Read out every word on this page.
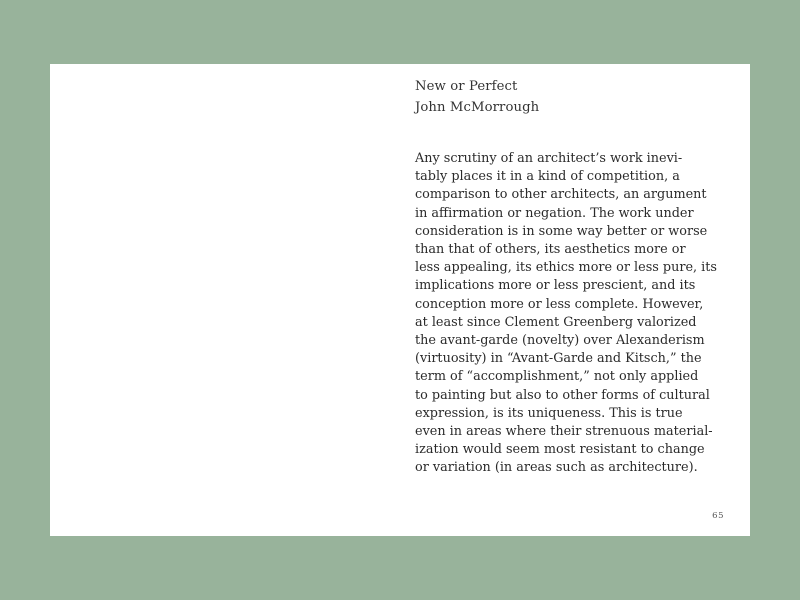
New or Perfect
John McMorrough
Any scrutiny of an architect’s work inevi-
tably places it in a kind of competition, a
comparison to other architects, an argument
in affirmation or negation. The work under
consideration is in some way better or worse
than that of others, its aesthetics more or
less appealing, its ethics more or less pure, its
implications more or less prescient, and its
conception more or less complete. However,
at least since Clement Greenberg valorized
the avant-garde (novelty) over Alexanderism
(virtuosity) in “Avant-Garde and Kitsch,” the
term of “accomplishment,” not only applied
to painting but also to other forms of cultural
expression, is its uniqueness. This is true
even in areas where their strenuous material-
ization would seem most resistant to change
or variation (in areas such as architecture).
65
